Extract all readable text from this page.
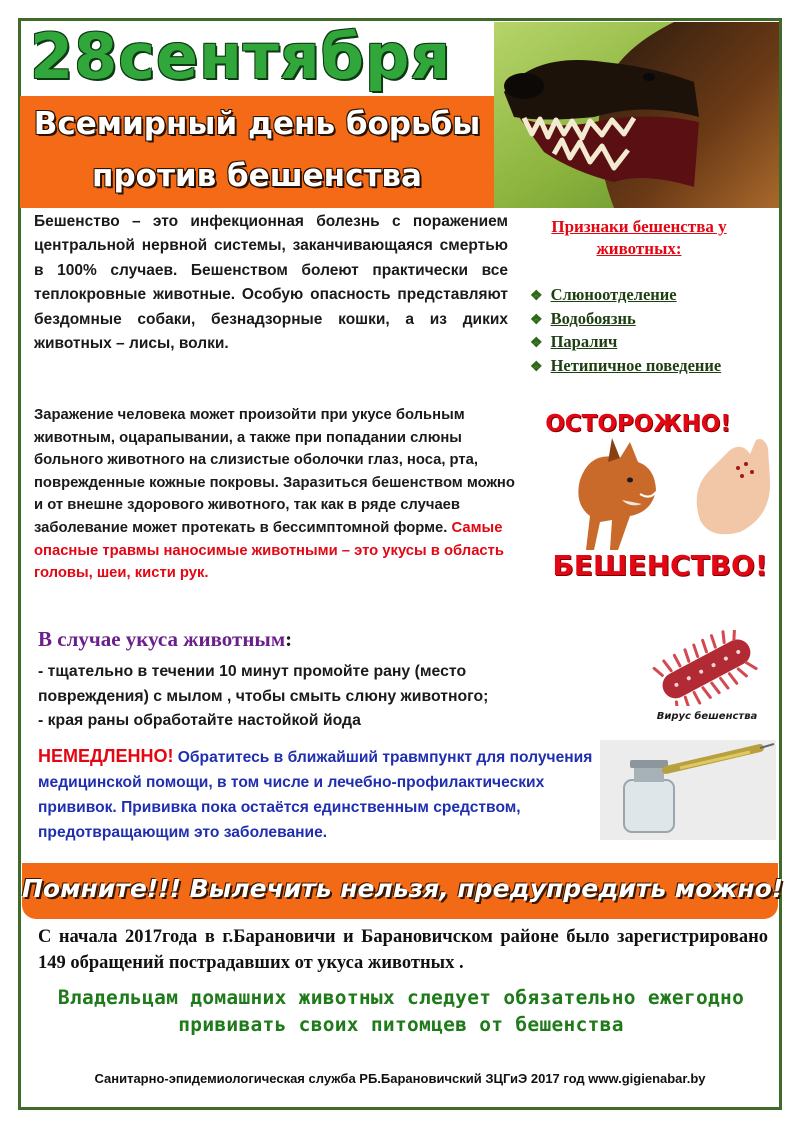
28сентября
Всемирный день борьбы
против бешенства
Бешенство – это инфекционная болезнь с поражением центральной нервной системы, заканчивающаяся смертью в 100% случаев. Бешенством болеют практически все теплокровные животные. Особую опасность представляют бездомные собаки, безнадзорные кошки, а из диких животных – лисы, волки.
Признаки бешенства у животных:
❖ Слюноотделение
❖ Водобоязнь
❖ Паралич
❖ Нетипичное поведение
Заражение человека может произойти при укусе больным животным, оцарапывании, а также при попадании слюны больного животного на слизистые оболочки глаз, носа, рта, поврежденные кожные покровы. Заразиться бешенством можно и от внешне здорового животного, так как в ряде случаев заболевание может протекать в бессимптомной форме. Самые опасные травмы наносимые животными – это укусы в область головы, шеи, кисти рук.
ОСТОРОЖНО!
БЕШЕНСТВО!
В случае укуса животным:
- тщательно в течении 10 минут промойте рану (место повреждения) с мылом , чтобы смыть слюну животного;
- края раны обработайте настойкой йода	Вирус бешенства
НЕМЕДЛЕННО! Обратитесь в ближайший травмпункт для получения медицинской помощи, в том числе и лечебно-профилактических прививок. Прививка пока остаётся единственным средством, предотвращающим это заболевание.
Помните!!! Вылечить нельзя, предупредить можно!
С начала 2017года в г.Барановичи и Барановичском районе было зарегистрировано 149 обращений пострадавших от укуса животных .
Владельцам домашних животных следует обязательно ежегодно прививать своих питомцев от бешенства
Санитарно-эпидемиологическая служба РБ.Барановичский ЗЦГиЭ 2017 год www.gigienabar.by
